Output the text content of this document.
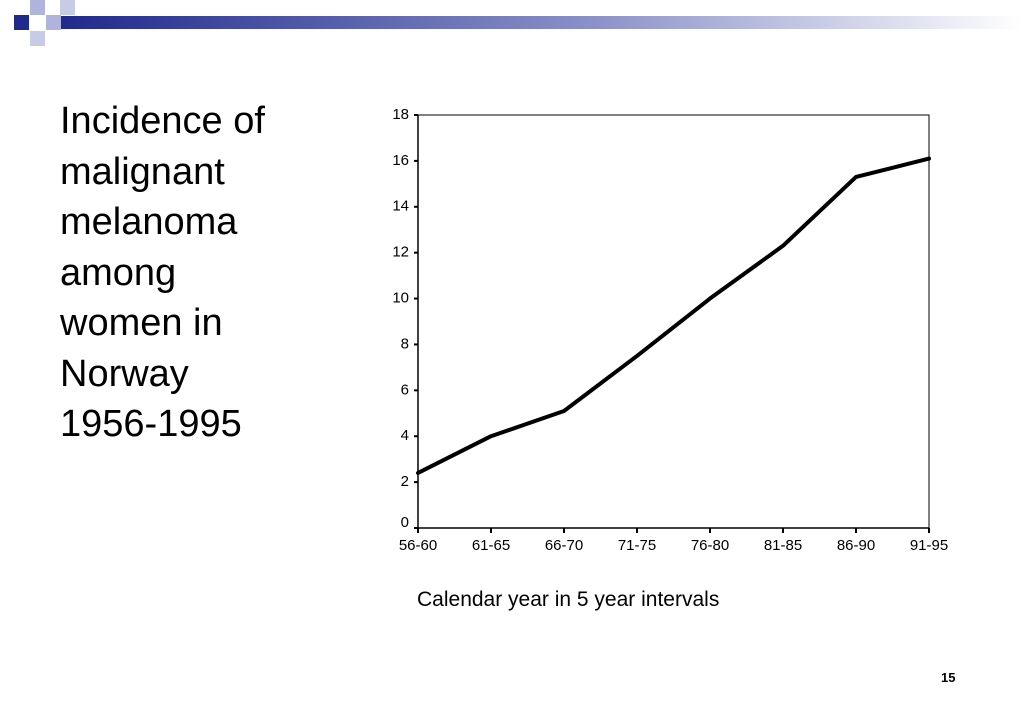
Incidence of
malignant
melanoma
among
women in
Norway
1956-1995
0
2
4
6
8
10
12
14
16
18
56-60 61-65 66-70 71-75 76-80 81-85 86-90 91-95
Calendar year in 5 year intervals
15
